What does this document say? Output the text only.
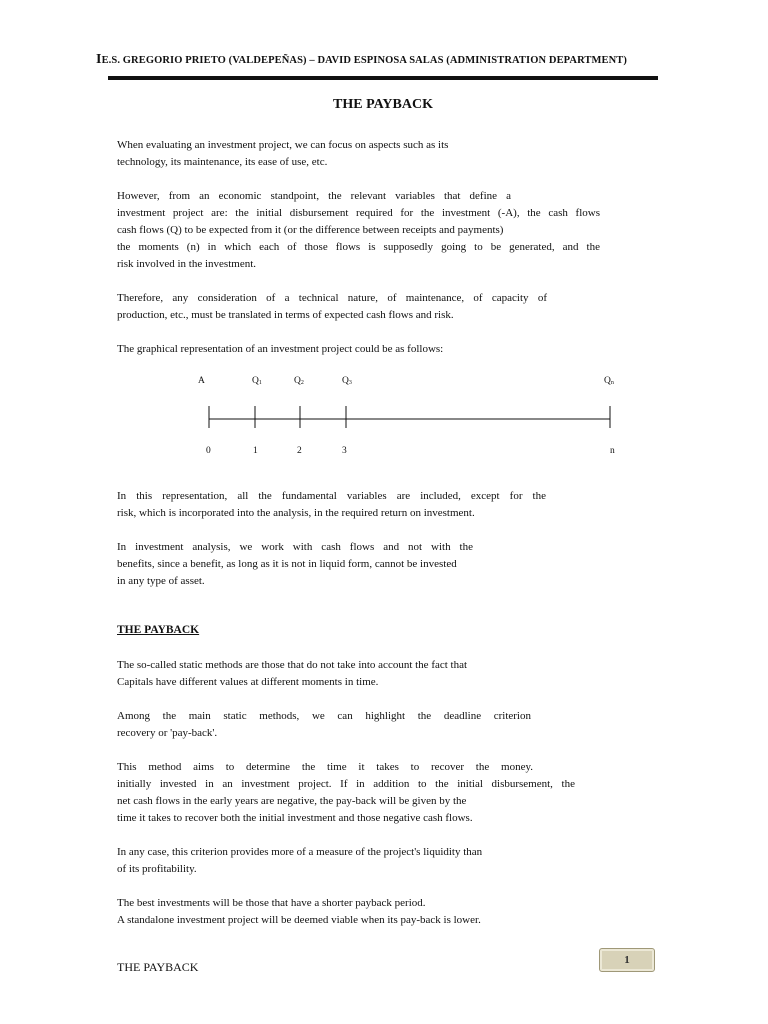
IE.S. GREGORIO PRIETO (VALDEPEÑAS) – DAVID ESPINOSA SALAS (ADMINISTRATION DEPARTMENT)
THE PAYBACK
When evaluating an investment project, we can focus on aspects such as its
technology, its maintenance, its ease of use, etc.
However, from an economic standpoint, the relevant variables that define a
investment project are: the initial disbursement required for the investment (-A), the cash flows
cash flows (Q) to be expected from it (or the difference between receipts and payments)
the moments (n) in which each of those flows is supposedly going to be generated, and the
risk involved in the investment.
Therefore, any consideration of a technical nature, of maintenance, of capacity of
production, etc., must be translated in terms of expected cash flows and risk.
The graphical representation of an investment project could be as follows:
A	$Q_1$	$Q_2$	$Q_3$	$Q_n$
0	1	2	3	n
In this representation, all the fundamental variables are included, except for the
risk, which is incorporated into the analysis, in the required return on investment.
In investment analysis, we work with cash flows and not with the
benefits, since a benefit, as long as it is not in liquid form, cannot be invested
in any type of asset.
THE PAYBACK
The so-called static methods are those that do not take into account the fact that
Capitals have different values at different moments in time.
Among the main static methods, we can highlight the deadline criterion
recovery or 'pay-back'.
This method aims to determine the time it takes to recover the money.
initially invested in an investment project. If in addition to the initial disbursement, the
net cash flows in the early years are negative, the pay-back will be given by the
time it takes to recover both the initial investment and those negative cash flows.
In any case, this criterion provides more of a measure of the project's liquidity than
of its profitability.
The best investments will be those that have a shorter payback period.
A standalone investment project will be deemed viable when its pay-back is lower.
THE PAYBACK	1
